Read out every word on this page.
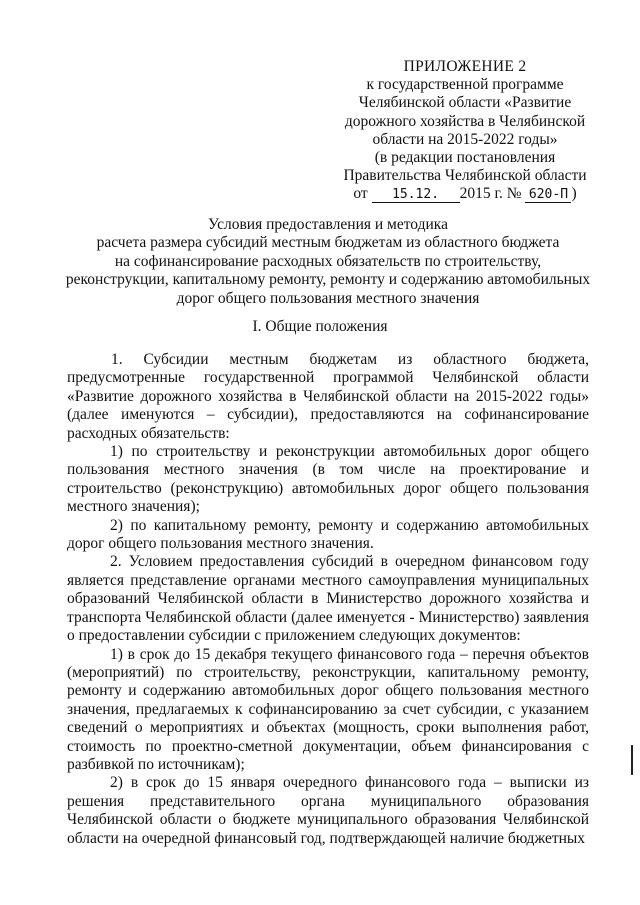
ПРИЛОЖЕНИЕ 2
к государственной программе
Челябинской области «Развитие
дорожного хозяйства в Челябинской
области на 2015-2022 годы»
(в редакции постановления
Правительства Челябинской области
от 15.12. 2015 г. № 620-П )
Условия предоставления и методика
расчета размера субсидий местным бюджетам из областного бюджета
на софинансирование расходных обязательств по строительству,
реконструкции, капитальному ремонту, ремонту и содержанию автомобильных
дорог общего пользования местного значения
I. Общие положения

1. Субсидии местным бюджетам из областного бюджета, предусмотренные государственной программой Челябинской области «Развитие дорожного хозяйства в Челябинской области на 2015-2022 годы» (далее именуются – субсидии), предоставляются на софинансирование расходных обязательств:

1) по строительству и реконструкции автомобильных дорог общего пользования местного значения (в том числе на проектирование и строительство (реконструкцию) автомобильных дорог общего пользования местного значения);

2) по капитальному ремонту, ремонту и содержанию автомобильных дорог общего пользования местного значения.

2. Условием предоставления субсидий в очередном финансовом году является представление органами местного самоуправления муниципальных образований Челябинской области в Министерство дорожного хозяйства и транспорта Челябинской области (далее именуется - Министерство) заявления о предоставлении субсидии с приложением следующих документов:

1) в срок до 15 декабря текущего финансового года – перечня объектов (мероприятий) по строительству, реконструкции, капитальному ремонту, ремонту и содержанию автомобильных дорог общего пользования местного значения, предлагаемых к софинансированию за счет субсидии, с указанием сведений о мероприятиях и объектах (мощность, сроки выполнения работ, стоимость по проектно-сметной документации, объем финансирования с разбивкой по источникам);

2) в срок до 15 января очередного финансового года – выписки из решения представительного органа муниципального образования Челябинской области о бюджете муниципального образования Челябинской области на очередной финансовый год, подтверждающей наличие бюджетных
